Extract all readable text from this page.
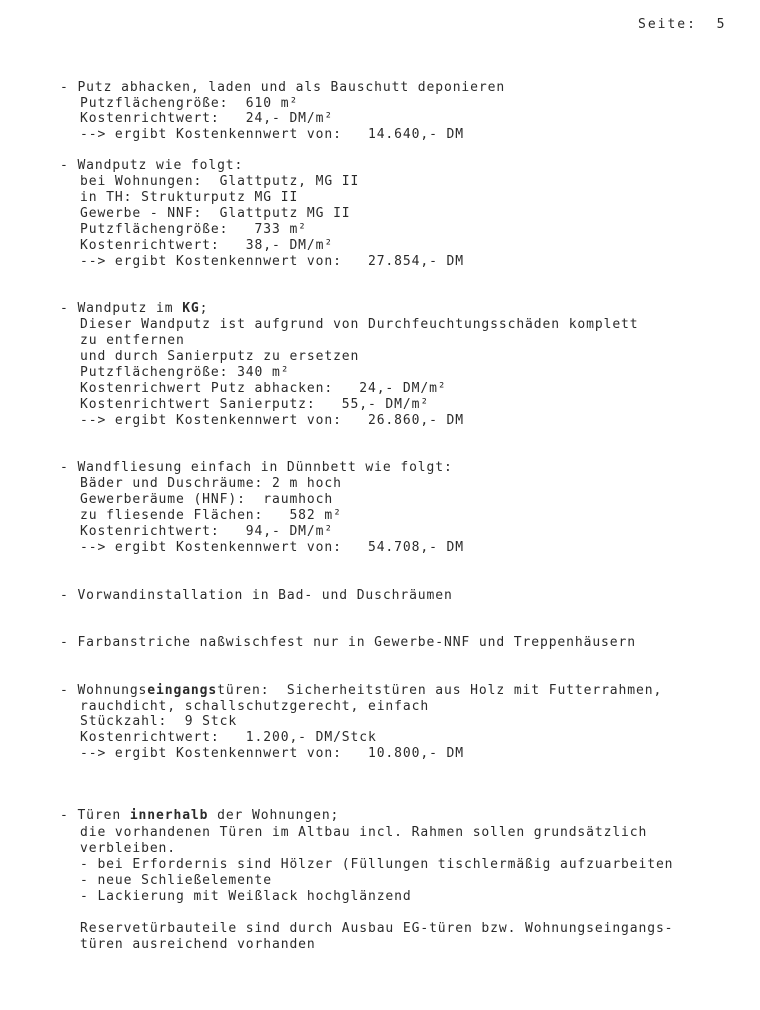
Seite:  5
- Putz abhacken, laden und als Bauschutt deponieren
Putzflächengröße:  610 m²
Kostenrichtwert:   24,- DM/m²
--> ergibt Kostenkennwert von:   14.640,- DM
- Wandputz wie folgt:
bei Wohnungen:  Glattputz, MG II
in TH: Strukturputz MG II
Gewerbe - NNF:  Glattputz MG II
Putzflächengröße:   733 m²
Kostenrichtwert:   38,- DM/m²
--> ergibt Kostenkennwert von:   27.854,- DM
- Wandputz im KG;
Dieser Wandputz ist aufgrund von Durchfeuchtungsschäden komplett
zu entfernen
und durch Sanierputz zu ersetzen
Putzflächengröße: 340 m²
Kostenrichwert Putz abhacken:   24,- DM/m²
Kostenrichtwert Sanierputz:   55,- DM/m²
--> ergibt Kostenkennwert von:   26.860,- DM
- Wandfliesung einfach in Dünnbett wie folgt:
Bäder und Duschräume: 2 m hoch
Gewerberäume (HNF):  raumhoch
zu fliesende Flächen:   582 m²
Kostenrichtwert:   94,- DM/m²
--> ergibt Kostenkennwert von:   54.708,- DM
- Vorwandinstallation in Bad- und Duschräumen
- Farbanstriche naßwischfest nur in Gewerbe-NNF und Treppenhäusern
- Wohnungseingangstüren:  Sicherheitstüren aus Holz mit Futterrahmen,
rauchdicht, schallschutzgerecht, einfach
Stückzahl:  9 Stck
Kostenrichtwert:   1.200,- DM/Stck
--> ergibt Kostenkennwert von:   10.800,- DM
- Türen innerhalb der Wohnungen;
die vorhandenen Türen im Altbau incl. Rahmen sollen grundsätzlich
verbleiben.
- bei Erfordernis sind Hölzer (Füllungen tischlermäßig aufzuarbeiten
- neue Schließelemente
- Lackierung mit Weißlack hochglänzend
Reservetürbauteile sind durch Ausbau EG-türen bzw. Wohnungseingangs-
türen ausreichend vorhanden
